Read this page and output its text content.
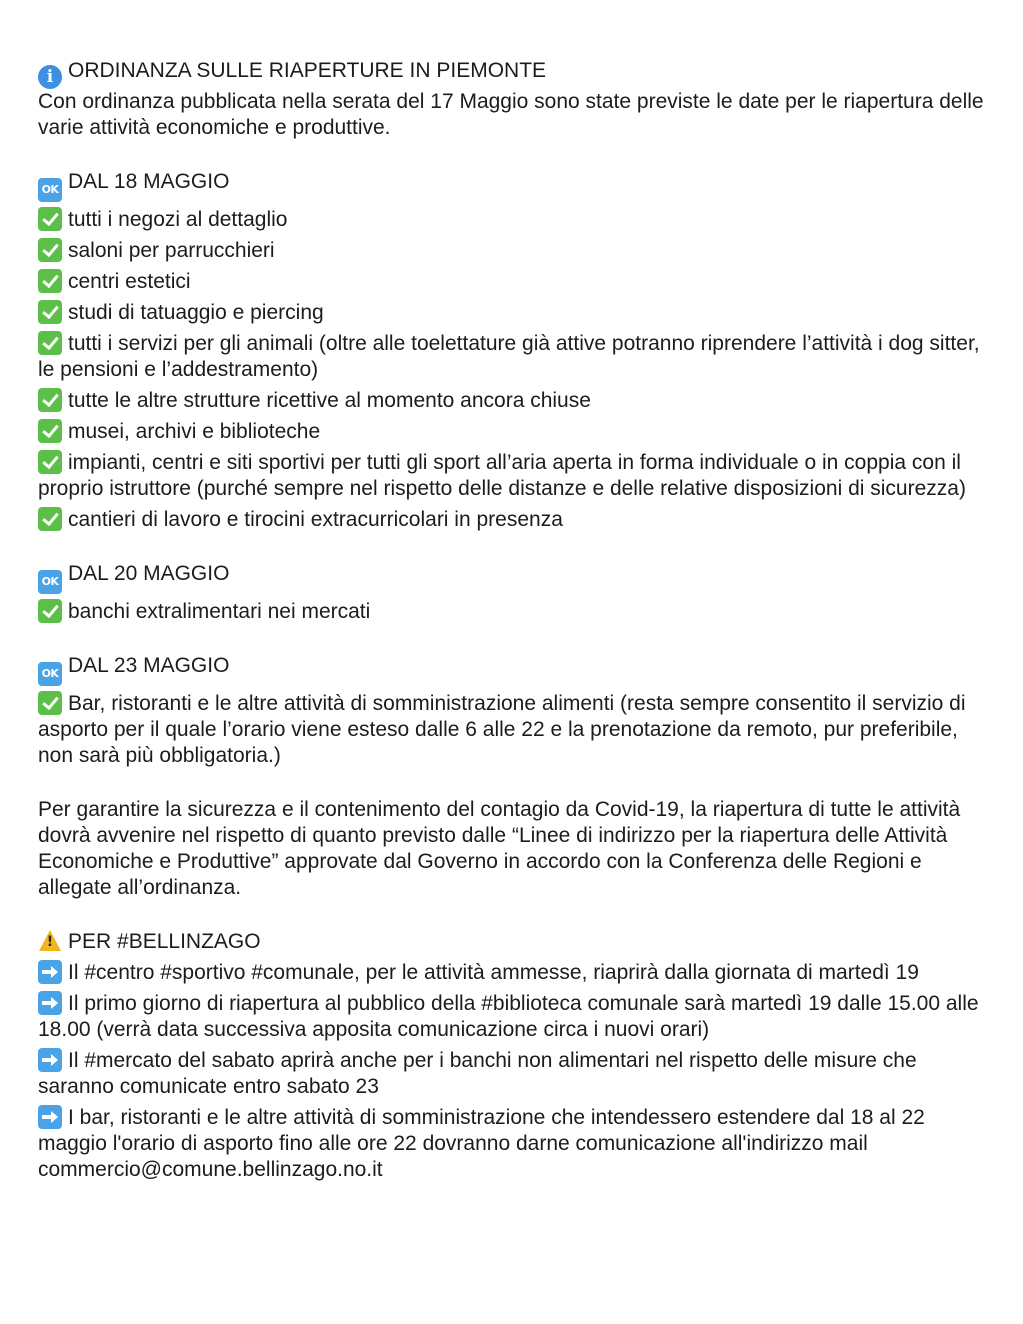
i ORDINANZA SULLE RIAPERTURE IN PIEMONTE

Con ordinanza pubblicata nella serata del 17 Maggio sono state previste le date per le riapertura delle varie attività economiche e produttive.

OK DAL 18 MAGGIO

tutti i negozi al dettaglio

saloni per parrucchieri

centri estetici

studi di tatuaggio e piercing

tutti i servizi per gli animali (oltre alle toelettature già attive potranno riprendere l’attività i dog sitter, le pensioni e l’addestramento)

tutte le altre strutture ricettive al momento ancora chiuse

musei, archivi e biblioteche

impianti, centri e siti sportivi per tutti gli sport all’aria aperta in forma individuale o in coppia con il proprio istruttore (purché sempre nel rispetto delle distanze e delle relative disposizioni di sicurezza)

cantieri di lavoro e tirocini extracurricolari in presenza

OK DAL 20 MAGGIO

banchi extralimentari nei mercati

OK DAL 23 MAGGIO

Bar, ristoranti e le altre attività di somministrazione alimenti (resta sempre consentito il servizio di asporto per il quale l’orario viene esteso dalle 6 alle 22 e la prenotazione da remoto, pur preferibile, non sarà più obbligatoria.)

Per garantire la sicurezza e il contenimento del contagio da Covid-19, la riapertura di tutte le attività dovrà avvenire nel rispetto di quanto previsto dalle “Linee di indirizzo per la riapertura delle Attività Economiche e Produttive” approvate dal Governo in accordo con la Conferenza delle Regioni e allegate all’ordinanza.

!PER #BELLINZAGO

Il #centro #sportivo #comunale, per le attività ammesse, riaprirà dalla giornata di martedì 19

Il primo giorno di riapertura al pubblico della #biblioteca comunale sarà martedì 19 dalle 15.00 alle 18.00 (verrà data successiva apposita comunicazione circa i nuovi orari)

Il #mercato del sabato aprirà anche per i banchi non alimentari nel rispetto delle misure che saranno comunicate entro sabato 23

I bar, ristoranti e le altre attività di somministrazione che intendessero estendere dal 18 al 22 maggio l'orario di asporto fino alle ore 22 dovranno darne comunicazione all'indirizzo mail commercio@comune.bellinzago.no.it
